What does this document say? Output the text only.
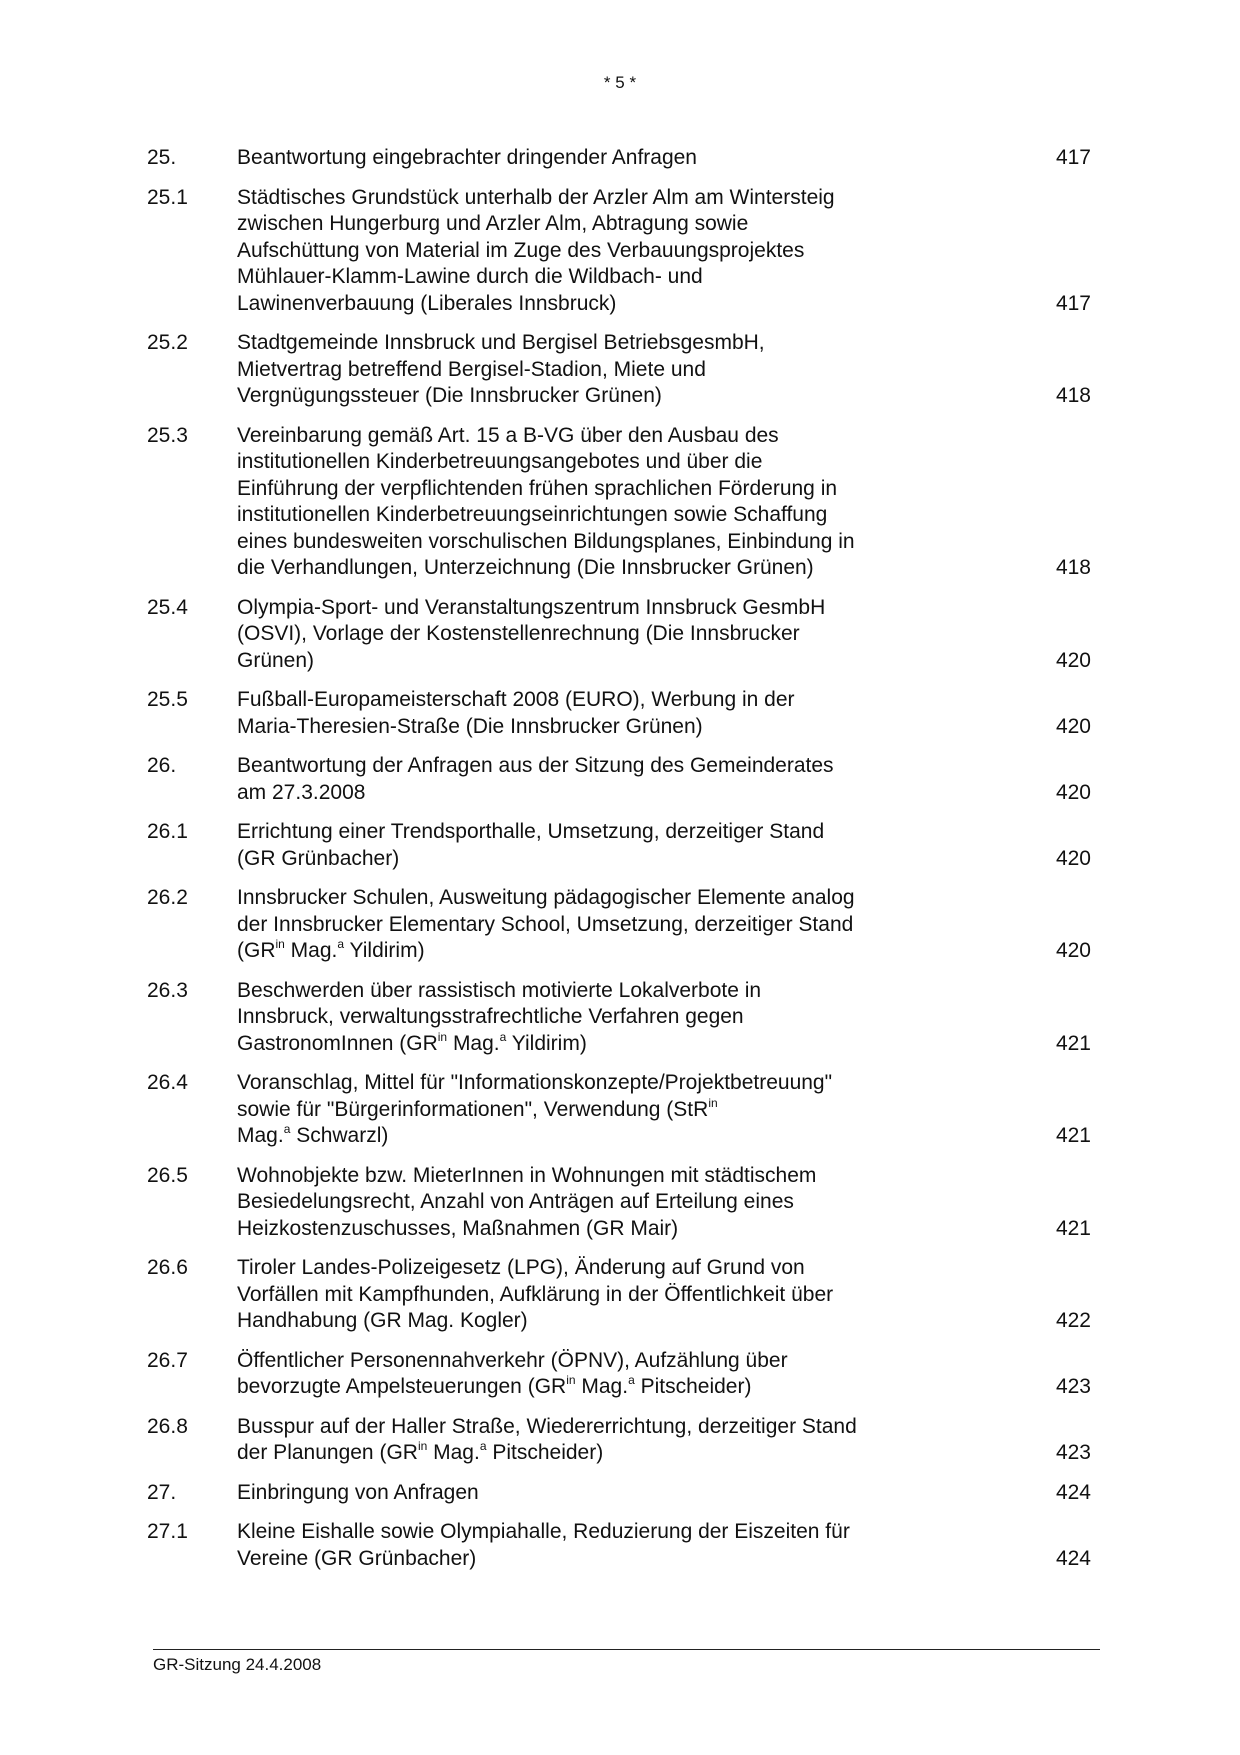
* 5 *
25.	Beantwortung eingebrachter dringender Anfragen	417
25.1	Städtisches Grundstück unterhalb der Arzler Alm am Wintersteig
zwischen Hungerburg und Arzler Alm, Abtragung sowie
Aufschüttung von Material im Zuge des Verbauungsprojektes
Mühlauer-Klamm-Lawine durch die Wildbach- und
Lawinenverbauung (Liberales Innsbruck)	417
25.2	Stadtgemeinde Innsbruck und Bergisel BetriebsgesmbH,
Mietvertrag betreffend Bergisel-Stadion, Miete und
Vergnügungssteuer (Die Innsbrucker Grünen)	418
25.3	Vereinbarung gemäß Art. 15 a B-VG über den Ausbau des
institutionellen Kinderbetreuungsangebotes und über die
Einführung der verpflichtenden frühen sprachlichen Förderung in
institutionellen Kinderbetreuungseinrichtungen sowie Schaffung
eines bundesweiten vorschulischen Bildungsplanes, Einbindung in
die Verhandlungen, Unterzeichnung (Die Innsbrucker Grünen)	418
25.4	Olympia-Sport- und Veranstaltungszentrum Innsbruck GesmbH
(OSVI), Vorlage der Kostenstellenrechnung (Die Innsbrucker
Grünen)	420
25.5	Fußball-Europameisterschaft 2008 (EURO), Werbung in der
Maria-Theresien-Straße (Die Innsbrucker Grünen)	420
26.	Beantwortung der Anfragen aus der Sitzung des Gemeinderates
am 27.3.2008	420
26.1	Errichtung einer Trendsporthalle, Umsetzung, derzeitiger Stand
(GR Grünbacher)	420
26.2	Innsbrucker Schulen, Ausweitung pädagogischer Elemente analog
der Innsbrucker Elementary School, Umsetzung, derzeitiger Stand
($GR^{in}$ Mag.$^a$ Yildirim)	420
26.3	Beschwerden über rassistisch motivierte Lokalverbote in
Innsbruck, verwaltungsstrafrechtliche Verfahren gegen
GastronomInnen ($GR^{in}$ Mag.$^a$ Yildirim)	421
26.4	Voranschlag, Mittel für "Informationskonzepte/Projektbetreuung"
sowie für "Bürgerinformationen", Verwendung (StR$^{in}$
Mag.$^a$ Schwarzl)	421
26.5	Wohnobjekte bzw. MieterInnen in Wohnungen mit städtischem
Besiedelungsrecht, Anzahl von Anträgen auf Erteilung eines
Heizkostenzuschusses, Maßnahmen (GR Mair)	421
26.6	Tiroler Landes-Polizeigesetz (LPG), Änderung auf Grund von
Vorfällen mit Kampfhunden, Aufklärung in der Öffentlichkeit über
Handhabung (GR Mag. Kogler)	422
26.7	Öffentlicher Personennahverkehr (ÖPNV), Aufzählung über
bevorzugte Ampelsteuerungen ($GR^{in}$ Mag.$^a$ Pitscheider)	423
26.8	Busspur auf der Haller Straße, Wiedererrichtung, derzeitiger Stand
der Planungen ($GR^{in}$ Mag.$^a$ Pitscheider)	423
27.	Einbringung von Anfragen	424
27.1	Kleine Eishalle sowie Olympiahalle, Reduzierung der Eiszeiten für
Vereine (GR Grünbacher)	424
GR-Sitzung 24.4.2008
